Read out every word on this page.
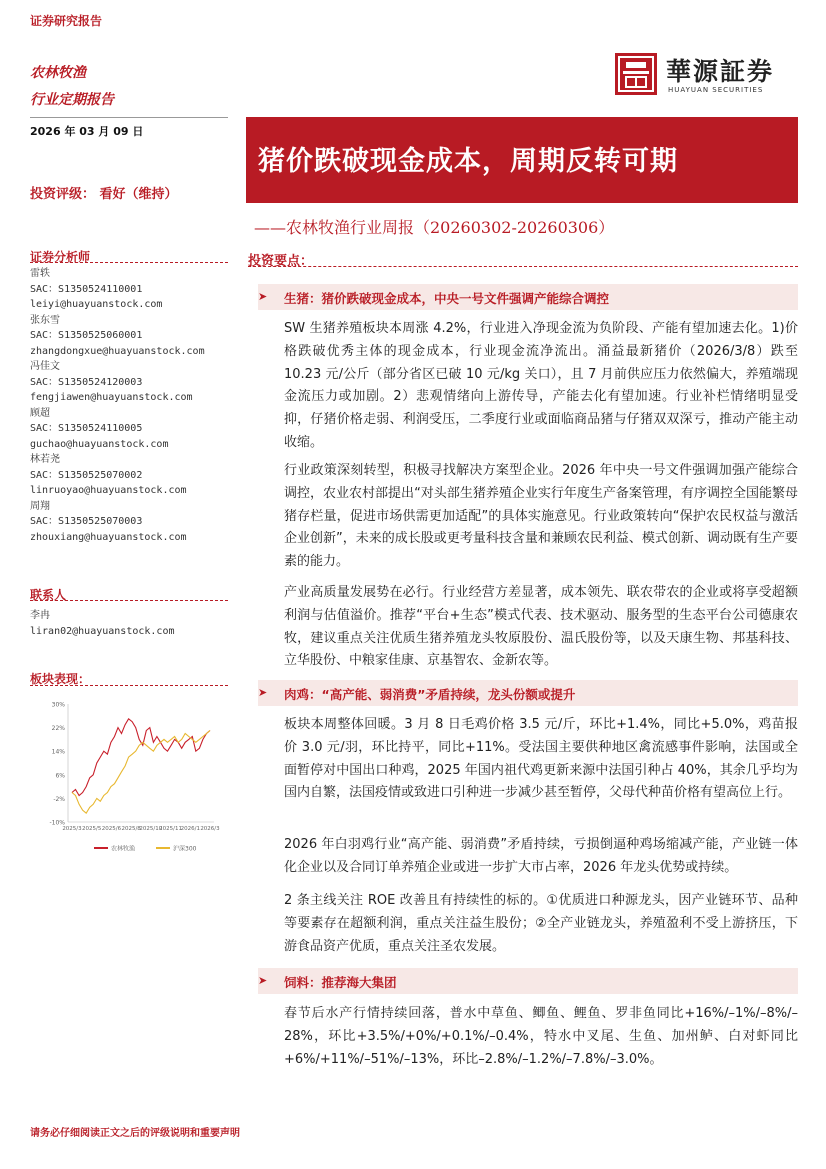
证券研究报告
农林牧渔
行业定期报告
2026 年 03 月 09 日
投资评级： 看好（维持）
華源証券
HUAYUAN SECURITIES
猪价跌破现金成本，周期反转可期
——农林牧渔行业周报（20260302-20260306）
证券分析师
雷轶
SAC：S1350524110001
leiyi@huayuanstock.com
张东雪
SAC：S1350525060001
zhangdongxue@huayuanstock.com
冯佳文
SAC：S1350524120003
fengjiawen@huayuanstock.com
顾超
SAC：S1350524110005
guchao@huayuanstock.com
林若尧
SAC：S1350525070002
linruoyao@huayuanstock.com
周翔
SAC：S1350525070003
zhouxiang@huayuanstock.com
联系人
李冉
liran02@huayuanstock.com
板块表现：
30%
22%
14%
6%
-2%
-10%
2025/3 2025/5 2025/6 2025/8
2025/10
2025/11
2026/1 2026/3
农林牧渔	沪深300
投资要点：
➤ 生猪：猪价跌破现金成本，中央一号文件强调产能综合调控

SW 生猪养殖板块本周涨 4.2%，行业进入净现金流为负阶段、产能有望加速去化。1)价格跌破优秀主体的现金成本，行业现金流净流出。涌益最新猪价（2026/3/8）跌至 10.23 元/公斤（部分省区已破 10 元/kg 关口），且 7 月前供应压力依然偏大，养殖端现金流压力或加剧。2）悲观情绪向上游传导，产能去化有望加速。行业补栏情绪明显受抑，仔猪价格走弱、利润受压，二季度行业或面临商品猪与仔猪双双深亏，推动产能主动收缩。

行业政策深刻转型，积极寻找解决方案型企业。2026 年中央一号文件强调加强产能综合调控，农业农村部提出“对头部生猪养殖企业实行年度生产备案管理，有序调控全国能繁母猪存栏量，促进市场供需更加适配”的具体实施意见。行业政策转向“保护农民权益与激活企业创新”，未来的成长股或更考量科技含量和兼顾农民利益、模式创新、调动既有生产要素的能力。

产业高质量发展势在必行。行业经营方差显著，成本领先、联农带农的企业或将享受超额利润与估值溢价。推荐“平台+生态”模式代表、技术驱动、服务型的生态平台公司德康农牧，建议重点关注优质生猪养殖龙头牧原股份、温氏股份等，以及天康生物、邦基科技、立华股份、中粮家佳康、京基智农、金新农等。

➤ 肉鸡：“高产能、弱消费”矛盾持续，龙头份额或提升

板块本周整体回暖。3 月 8 日毛鸡价格 3.5 元/斤，环比+1.4%，同比+5.0%，鸡苗报价 3.0 元/羽，环比持平，同比+11%。受法国主要供种地区禽流感事件影响，法国或全面暂停对中国出口种鸡，2025 年国内祖代鸡更新来源中法国引种占 40%，其余几乎均为国内自繁，法国疫情或致进口引种进一步减少甚至暂停，父母代种苗价格有望高位上行。

2026 年白羽鸡行业“高产能、弱消费”矛盾持续，亏损倒逼种鸡场缩减产能，产业链一体化企业以及合同订单养殖企业或进一步扩大市占率，2026 年龙头优势或持续。

2 条主线关注 ROE 改善且有持续性的标的。①优质进口种源龙头，因产业链环节、品种等要素存在超额利润，重点关注益生股份；②全产业链龙头，养殖盈利不受上游挤压，下游食品资产优质，重点关注圣农发展。

➤ 饲料：推荐海大集团

春节后水产行情持续回落，普水中草鱼、鲫鱼、鲤鱼、罗非鱼同比+16%/–1%/–8%/–28%，环比+3.5%/+0%/+0.1%/–0.4%，特水中叉尾、生鱼、加州鲈、白对虾同比+6%/+11%/–51%/–13%，环比–2.8%/–1.2%/–7.8%/–3.0%。

请务必仔细阅读正文之后的评级说明和重要声明
